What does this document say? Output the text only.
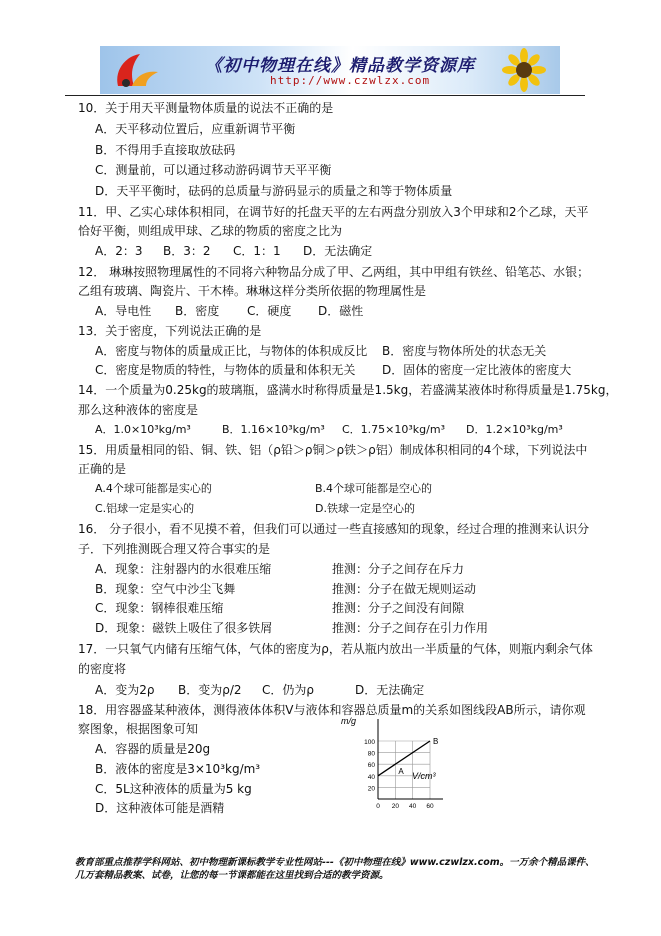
《初中物理在线》精品教学资源库
http://www.czwlzx.com
10．关于用天平测量物体质量的说法不正确的是
A．天平移动位置后，应重新调节平衡
B．不得用手直接取放砝码
C．测量前，可以通过移动游码调节天平平衡
D．天平平衡时，砝码的总质量与游码显示的质量之和等于物体质量
11．甲、乙实心球体积相同，在调节好的托盘天平的左右两盘分别放入3个甲球和2个乙球，天平
恰好平衡，则组成甲球、乙球的物质的密度之比为
A．2：3 B．3：2 C．1：1 D．无法确定
12． 琳琳按照物理属性的不同将六种物品分成了甲、乙两组，其中甲组有铁丝、铅笔芯、水银；
乙组有玻璃、陶瓷片、干木棒。琳琳这样分类所依据的物理属性是
A．导电性 B．密度 C．硬度 D．磁性
13．关于密度，下列说法正确的是
A．密度与物体的质量成正比，与物体的体积成反比 B．密度与物体所处的状态无关
C．密度是物质的特性，与物体的质量和体积无关 D．固体的密度一定比液体的密度大
14．一个质量为0.25kg的玻璃瓶，盛满水时称得质量是1.5kg，若盛满某液体时称得质量是1.75kg，
那么这种液体的密度是
A．1.0×10³kg/m³	B．1.16×10³kg/m³ C．1.75×10³kg/m³ D．1.2×10³kg/m³
15．用质量相同的铅、铜、铁、铝（ρ铅＞ρ铜＞ρ铁＞ρ铝）制成体积相同的4个球，下列说法中
正确的是
A.4个球可能都是实心的	B.4个球可能都是空心的
C.铝球一定是实心的	D.铁球一定是空心的
16． 分子很小，看不见摸不着，但我们可以通过一些直接感知的现象，经过合理的推测来认识分
子．下列推测既合理又符合事实的是
A．现象：注射器内的水很难压缩	推测：分子之间存在斥力
B．现象：空气中沙尘飞舞	推测：分子在做无规则运动
C．现象：钢棒很难压缩	推测：分子之间没有间隙
D．现象：磁铁上吸住了很多铁屑	推测：分子之间存在引力作用
17．一只氧气内储有压缩气体，气体的密度为ρ，若从瓶内放出一半质量的气体，则瓶内剩余气体
的密度将
A．变为2ρ B．变为ρ/2 C．仍为ρ	D．无法确定
18．用容器盛某种液体，测得液体体积V与液体和容器总质量m的关系如图线段AB所示，请你观
察图象，根据图象可知
A．容器的质量是20g
B．液体的密度是3×10³kg/m³
C．5L这种液体的质量为5 kg
D．这种液体可能是酒精
m/g
V/cm³
20
40
60
80
100
0 20 40 60
A
B
教育部重点推荐学科网站、初中物理新课标教学专业性网站---《初中物理在线》www.czwlzx.com。一万余个精品课件、
几万套精品教案、试卷，让您的每一节课都能在这里找到合适的教学资源。
